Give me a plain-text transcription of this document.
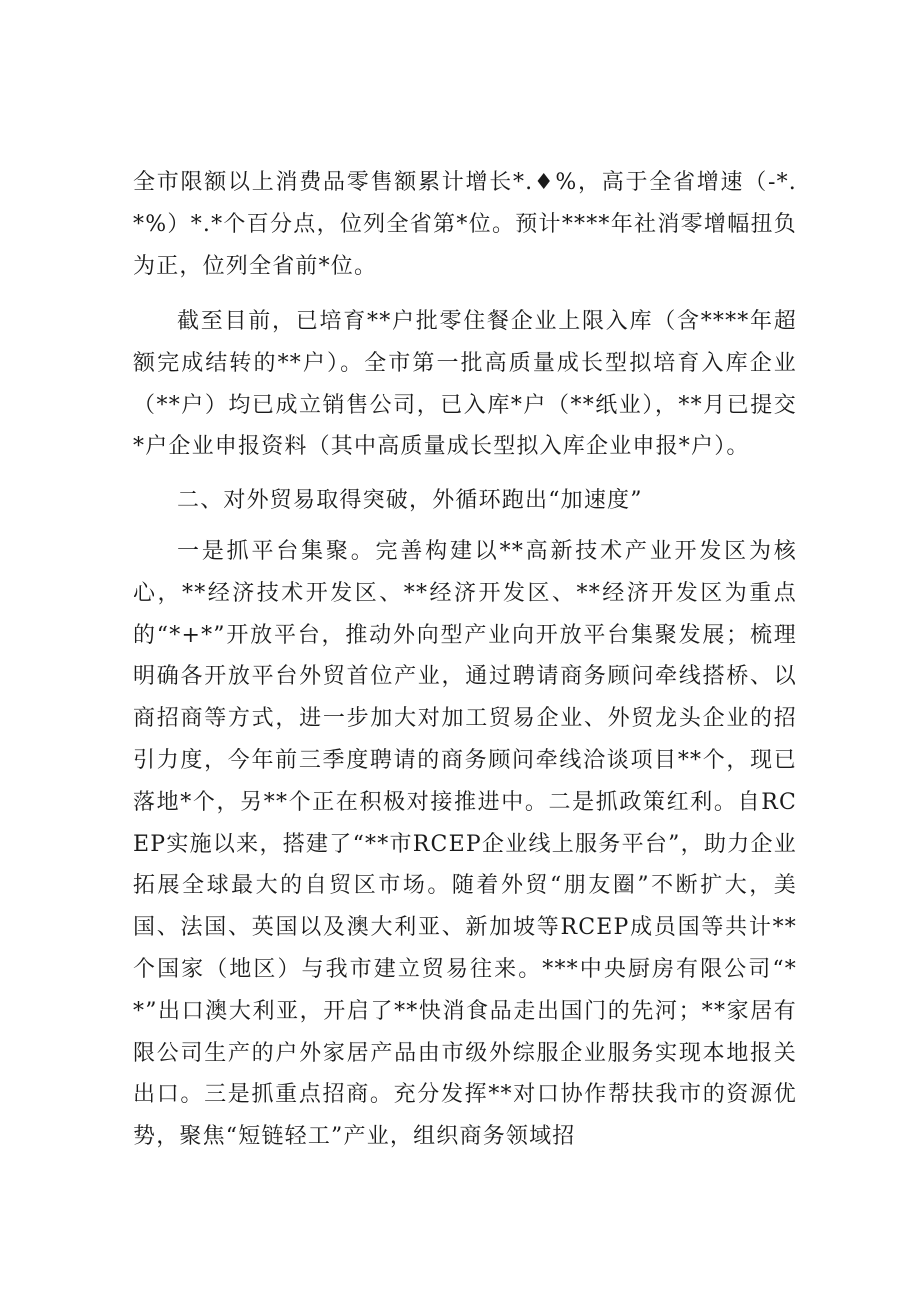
全市限额以上消费品零售额累计增长*.♦%，高于全省增速（-*.*%）*.*个百分点，位列全省第*位。预计****年社消零增幅扭负为正，位列全省前*位。

截至目前，已培育**户批零住餐企业上限入库（含****年超额完成结转的**户）。全市第一批高质量成长型拟培育入库企业（**户）均已成立销售公司，已入库*户（**纸业），**月已提交*户企业申报资料（其中高质量成长型拟入库企业申报*户）。

二、对外贸易取得突破，外循环跑出“加速度”

一是抓平台集聚。完善构建以**高新技术产业开发区为核心，**经济技术开发区、**经济开发区、**经济开发区为重点的“*+*”开放平台，推动外向型产业向开放平台集聚发展；梳理明确各开放平台外贸首位产业，通过聘请商务顾问牵线搭桥、以商招商等方式，进一步加大对加工贸易企业、外贸龙头企业的招引力度，今年前三季度聘请的商务顾问牵线洽谈项目**个，现已落地*个，另**个正在积极对接推进中。二是抓政策红利。自RCEP实施以来，搭建了“**市RCEP企业线上服务平台”，助力企业拓展全球最大的自贸区市场。随着外贸“朋友圈”不断扩大，美国、法国、英国以及澳大利亚、新加坡等RCEP成员国等共计**个国家（地区）与我市建立贸易往来。***中央厨房有限公司“**”出口澳大利亚，开启了**快消食品走出国门的先河；**家居有限公司生产的户外家居产品由市级外综服企业服务实现本地报关出口。三是抓重点招商。充分发挥**对口协作帮扶我市的资源优势，聚焦“短链轻工”产业，组织商务领域招
